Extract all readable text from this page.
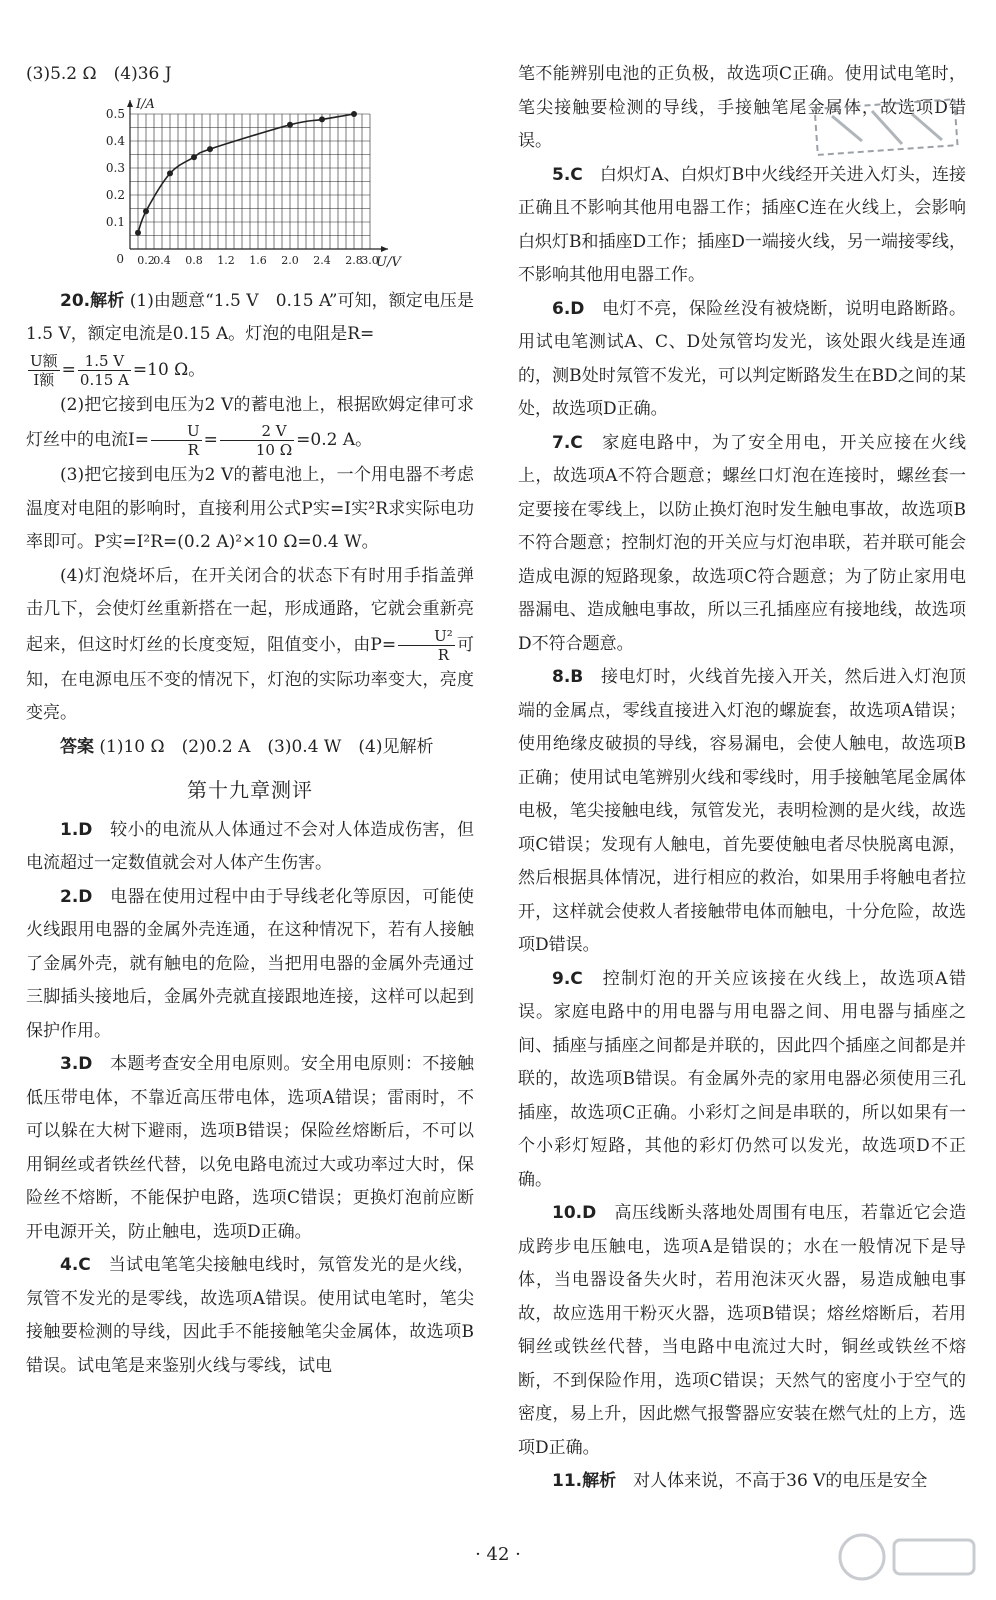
(3)5.2 Ω　(4)36 J

0.1
0.2
0.3
0.4
0.5
0 0.2
0.4 0.8 1.2 1.6 2.0 2.4 2.8
3.0
I/A
U/V

20.解析 (1)由题意“1.5 V　0.15 A”可知，额定电压是1.5 V，额定电流是0.15 A。灯泡的电阻是R=

$\frac{\text{U额}}{\text{I额}} = \frac{1.5 V}{0.15 A} =10$ Ω。

(2)把它接到电压为2 V的蓄电池上，根据欧姆定律可求灯丝中的电流$I= \frac{U}{R} = \frac{2 V}{10 \Omega} =0.2$ A。

(3)把它接到电压为2 V的蓄电池上，一个用电器不考虑温度对电阻的影响时，直接利用公式P实=I实²R求实际电功率即可。P实=I²R=(0.2 A)²×10 Ω=0.4 W。

(4)灯泡烧坏后，在开关闭合的状态下有时用手指盖弹击几下，会使灯丝重新搭在一起，形成通路，它就会重新亮起来，但这时灯丝的长度变短，阻值变小，由$P= \frac{\text{U²}}{R}$ 可知，在电源电压不变的情况下，灯泡的实际功率变大，亮度变亮。

答案 (1)10 Ω　(2)0.2 A　(3)0.4 W　(4)见解析

第十九章测评

1.D　 较小的电流从人体通过不会对人体造成伤害，但电流超过一定数值就会对人体产生伤害。

2.D　 电器在使用过程中由于导线老化等原因，可能使火线跟用电器的金属外壳连通，在这种情况下，若有人接触了金属外壳，就有触电的危险，当把用电器的金属外壳通过三脚插头接地后，金属外壳就直接跟地连接，这样可以起到保护作用。

3.D　 本题考查安全用电原则。安全用电原则：不接触低压带电体，不靠近高压带电体，选项A错误；雷雨时，不可以躲在大树下避雨，选项B错误；保险丝熔断后，不可以用铜丝或者铁丝代替，以免电路电流过大或功率过大时，保险丝不熔断，不能保护电路，选项C错误；更换灯泡前应断开电源开关，防止触电，选项D正确。

4.C　 当试电笔笔尖接触电线时，氖管发光的是火线，氖管不发光的是零线，故选项A错误。使用试电笔时，笔尖接触要检测的导线，因此手不能接触笔尖金属体，故选项B错误。试电笔是来鉴别火线与零线，试电

笔不能辨别电池的正负极，故选项C正确。使用试电笔时，笔尖接触要检测的导线，手接触笔尾金属体，故选项D错误。

5.C　 白炽灯A、白炽灯B中火线经开关进入灯头，连接正确且不影响其他用电器工作；插座C连在火线上，会影响白炽灯B和插座D工作；插座D一端接火线，另一端接零线，不影响其他用电器工作。

6.D　 电灯不亮，保险丝没有被烧断，说明电路断路。用试电笔测试A、C、D处氖管均发光，该处跟火线是连通的，测B处时氖管不发光，可以判定断路发生在BD之间的某处，故选项D正确。

7.C　 家庭电路中，为了安全用电，开关应接在火线上，故选项A不符合题意；螺丝口灯泡在连接时，螺丝套一定要接在零线上，以防止换灯泡时发生触电事故，故选项B不符合题意；控制灯泡的开关应与灯泡串联，若并联可能会造成电源的短路现象，故选项C符合题意；为了防止家用电器漏电、造成触电事故，所以三孔插座应有接地线，故选项D不符合题意。

8.B　 接电灯时，火线首先接入开关，然后进入灯泡顶端的金属点，零线直接进入灯泡的螺旋套，故选项A错误；使用绝缘皮破损的导线，容易漏电，会使人触电，故选项B正确；使用试电笔辨别火线和零线时，用手接触笔尾金属体电极，笔尖接触电线，氖管发光，表明检测的是火线，故选项C错误；发现有人触电，首先要使触电者尽快脱离电源，然后根据具体情况，进行相应的救治，如果用手将触电者拉开，这样就会使救人者接触带电体而触电，十分危险，故选项D错误。

9.C　 控制灯泡的开关应该接在火线上，故选项A错误。家庭电路中的用电器与用电器之间、用电器与插座之间、插座与插座之间都是并联的，因此四个插座之间都是并联的，故选项B错误。有金属外壳的家用电器必须使用三孔插座，故选项C正确。小彩灯之间是串联的，所以如果有一个小彩灯短路，其他的彩灯仍然可以发光，故选项D不正确。

10.D　 高压线断头落地处周围有电压，若靠近它会造成跨步电压触电，选项A是错误的；水在一般情况下是导体，当电器设备失火时，若用泡沫灭火器，易造成触电事故，故应选用干粉灭火器，选项B错误；熔丝熔断后，若用铜丝或铁丝代替，当电路中电流过大时，铜丝或铁丝不熔断，不到保险作用，选项C错误；天然气的密度小于空气的密度，易上升，因此燃气报警器应安装在燃气灶的上方，选项D正确。

11.解析　 对人体来说，不高于36 V的电压是安全

· 42 ·
